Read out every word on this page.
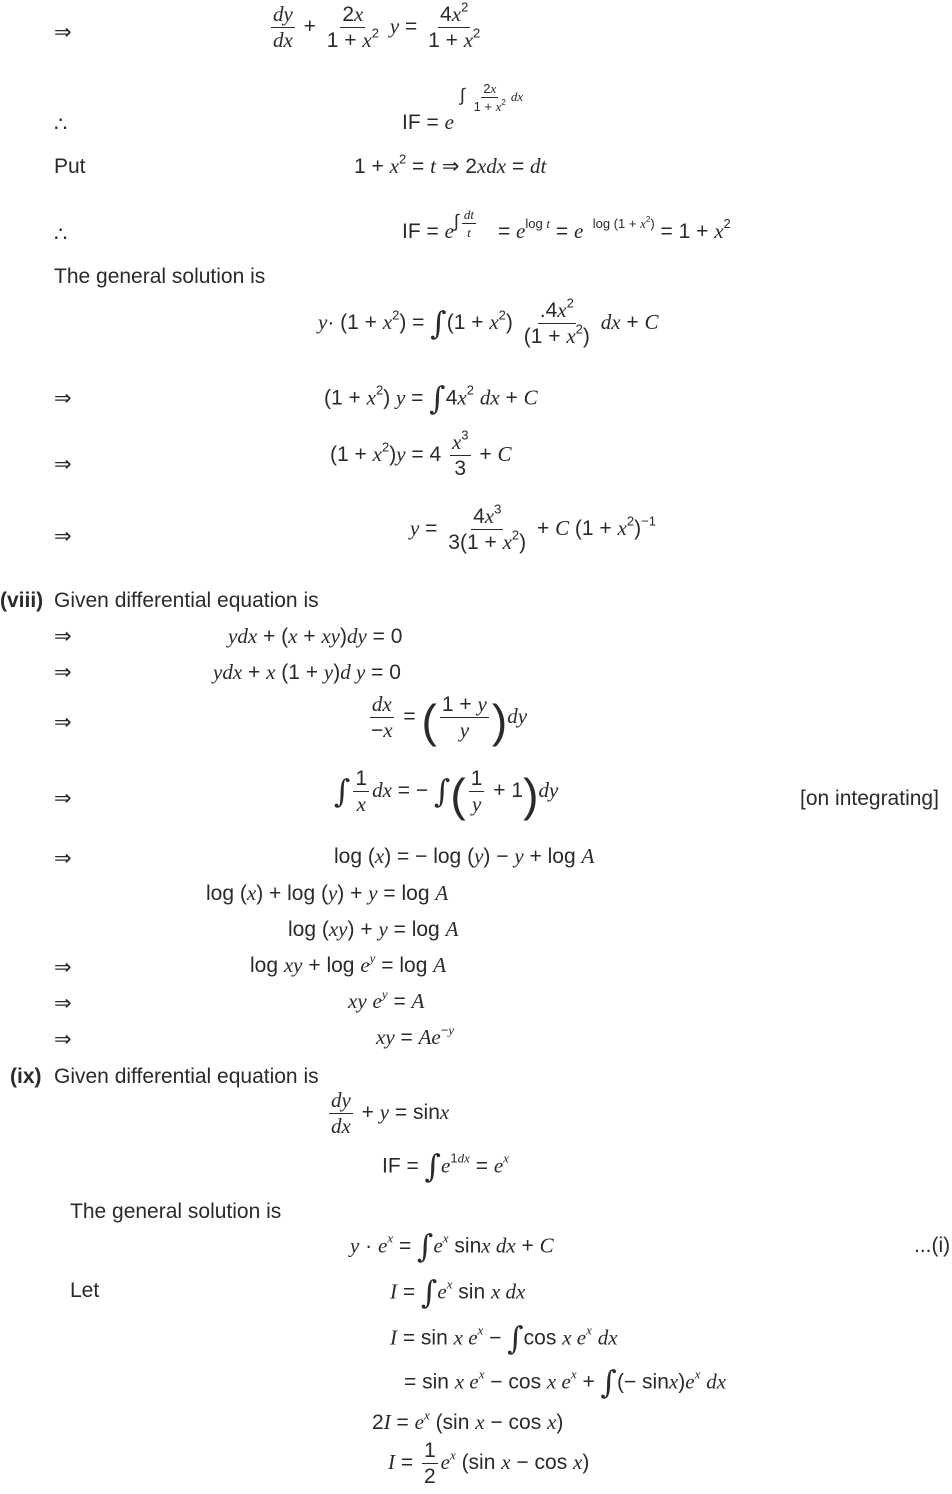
⇒	$\frac{dy}{dx} + \frac{2x}{1 + x^2}$ $y = \frac{4x^2}{1 + x^2}$
∴	IF = e
∫ $\frac{2x}{1 + x^2}$ dx
Put	$1 + x^2 = t$ ⇒ 2xdx = dt
∴	IF = e ∫ $\frac{dt}{t} = e^{log t} = e$  $^{log (1 + x^2)} = 1 + x^2$
The general solution is
$y\cdot (1 + x^2) = \int(1 + x^2) \frac{.4x^2}{(1 + x^2)}$ dx + C
⇒	$(1 + x^2)$ $y = \int 4x^2$ dx + C
⇒	$(1 + x^2)y = 4 \frac{x^3}{3} + C$
⇒	$y = \frac{4x^3}{3(1 + x^2)} + C$ $(1 + x^2)^{-1}$
(viii) Given differential equation is
⇒	ydx + (x + xy)dy = 0
⇒	ydx + x (1 + y)d y = 0
⇒	$\frac{dx}{-x}$ = ( $\frac{1 + y}{y} )dy$
⇒	∫ $\frac{1}{x}$ dx = − ∫( $\frac{1}{y} + 1)dy$	[on integrating]
⇒	log (x) = − log (y) − y + log A
log (x) + log (y) + y = log A
log (xy) + y = log A
⇒	log xy + $\log e^y = \log A$
⇒	xy $e^y = A$
⇒	xy = $Ae^{-y}$
(ix) Given differential equation is
$\frac{dy}{dx} + y = \sin x$
IF = $\int e^{1dx} = e^x$
The general solution is
$y \cdot e^x = \int e^x$ sinx dx + C	...(i)
Let	$I = \int e^x$ sin x dx
I = sin x $e^x - \int\cos$ x $e^x$ dx
= sin x $e^x - \cos x$ $e^x$ + ∫(− $\sin x)e^x$ dx
$2I = e^x$ (sin x − cos x)
$I = \frac{1}{2} e^x$ (sin x − cos x)
